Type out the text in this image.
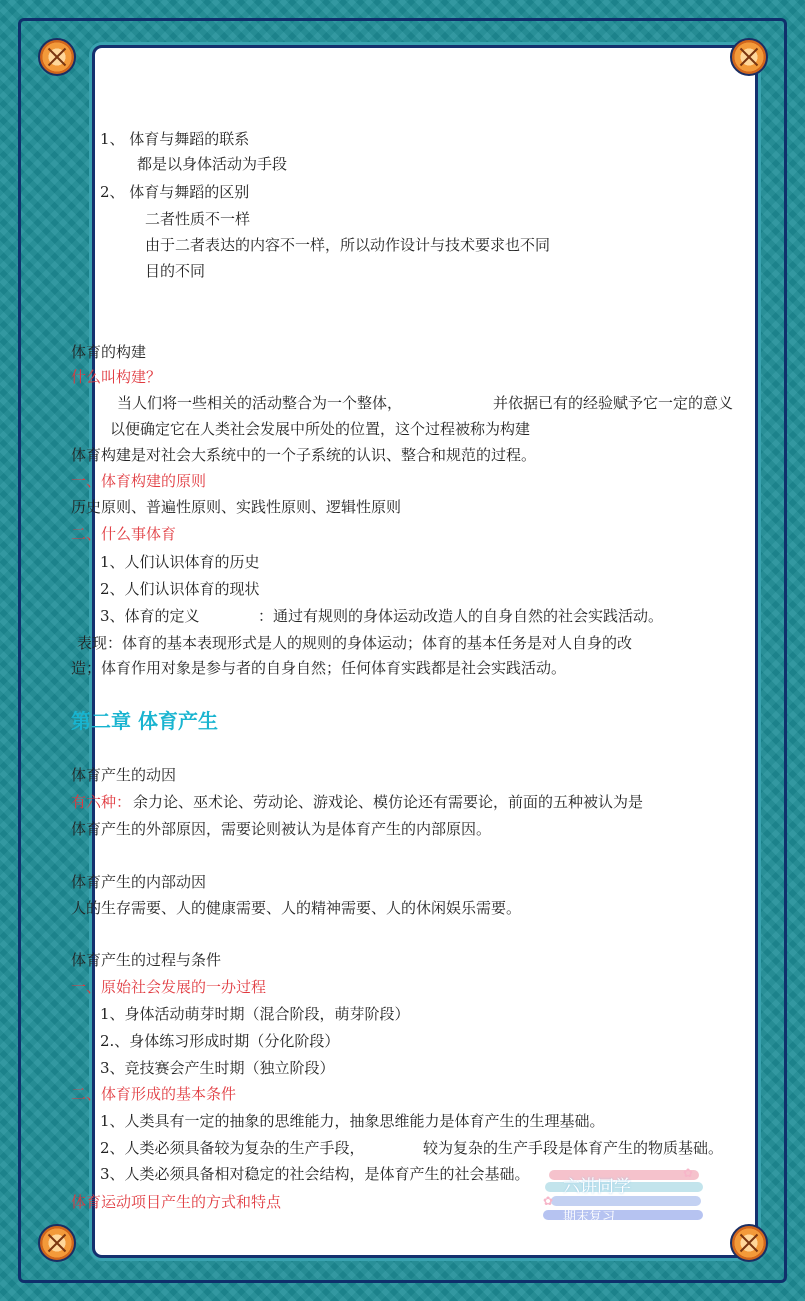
1、 体育与舞蹈的联系
都是以身体活动为手段
2、 体育与舞蹈的区别
二者性质不一样
由于二者表达的内容不一样，所以动作设计与技术要求也不同
目的不同
体育的构建
什么叫构建？
当人们将一些相关的活动整合为一个整体，	并依据已有的经验赋予它一定的意义
以便确定它在人类社会发展中所处的位置，这个过程被称为构建
体育构建是对社会大系统中的一个子系统的认识、整合和规范的过程。
一、体育构建的原则
历史原则、普遍性原则、实践性原则、逻辑性原则
二、什么事体育
1、人们认识体育的历史
2、人们认识体育的现状
3、体育的定义	：通过有规则的身体运动改造人的自身自然的社会实践活动。
表现：体育的基本表现形式是人的规则的身体运动；体育的基本任务是对人自身的改
造；体育作用对象是参与者的自身自然；任何体育实践都是社会实践活动。
第二章 体育产生
体育产生的动因
有六种： 余力论、巫术论、劳动论、游戏论、模仿论还有需要论，前面的五种被认为是
体育产生的外部原因，需要论则被认为是体育产生的内部原因。
体育产生的内部动因
人的生存需要、人的健康需要、人的精神需要、人的休闲娱乐需要。
体育产生的过程与条件
一、原始社会发展的一办过程
1、身体活动萌芽时期（混合阶段，萌芽阶段）
2.、身体练习形成时期（分化阶段）
3、竞技赛会产生时期（独立阶段）
二、体育形成的基本条件
1、人类具有一定的抽象的思维能力，抽象思维能力是体育产生的生理基础。
2、人类必须具备较为复杂的生产手段，	较为复杂的生产手段是体育产生的物质基础。
3、人类必须具备相对稳定的社会结构，是体育产生的社会基础。
体育运动项目产生的方式和特点
✿
✿
六讲同学
期末复习
